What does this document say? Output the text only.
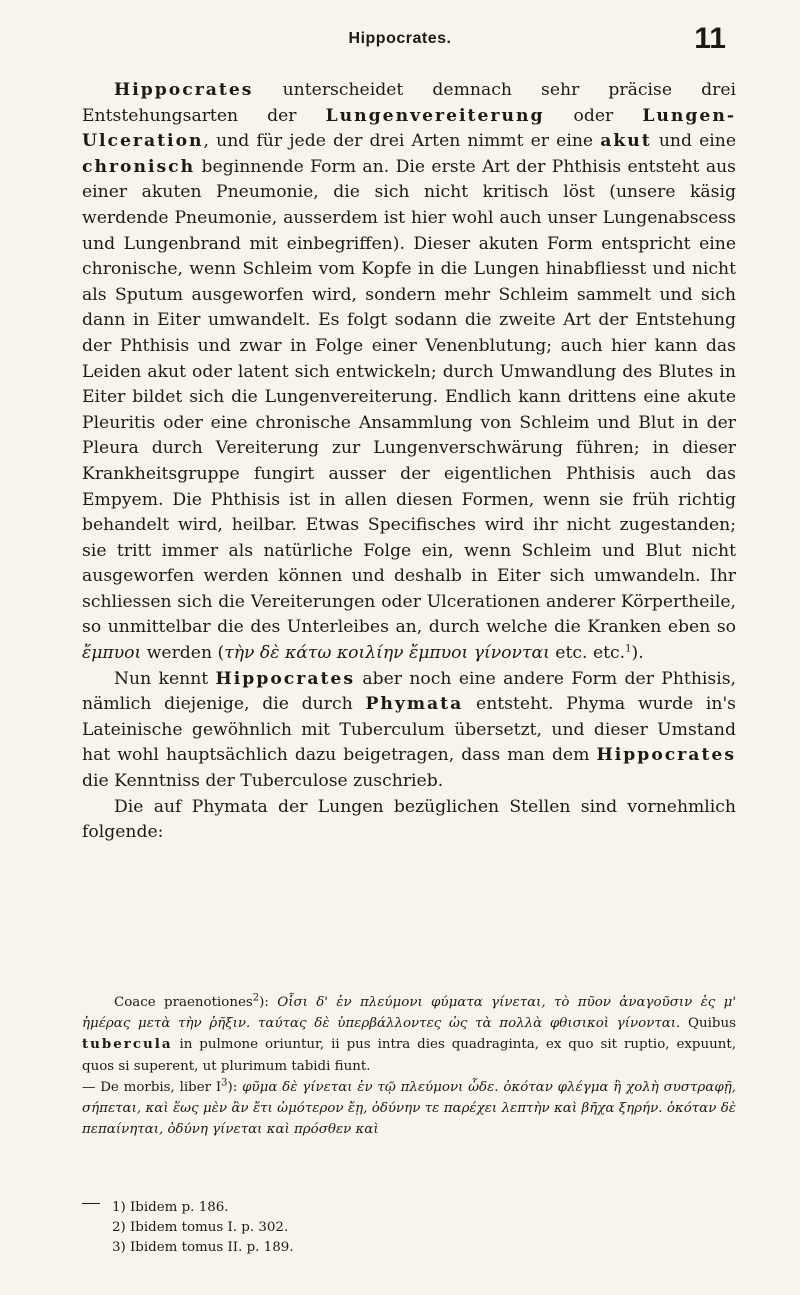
Hippocrates.	11

Hippocrates unterscheidet demnach sehr präcise drei Entstehungsarten der Lungenvereiterung oder Lungen-Ulceration, und für jede der drei Arten nimmt er eine akut und eine chronisch beginnende Form an. Die erste Art der Phthisis entsteht aus einer akuten Pneumonie, die sich nicht kritisch löst (unsere käsig werdende Pneumonie, ausserdem ist hier wohl auch unser Lungenabscess und Lungenbrand mit einbegriffen). Dieser akuten Form entspricht eine chronische, wenn Schleim vom Kopfe in die Lungen hinabfliesst und nicht als Sputum ausgeworfen wird, sondern mehr Schleim sammelt und sich dann in Eiter umwandelt. Es folgt sodann die zweite Art der Entstehung der Phthisis und zwar in Folge einer Venenblutung; auch hier kann das Leiden akut oder latent sich entwickeln; durch Umwandlung des Blutes in Eiter bildet sich die Lungenvereiterung. Endlich kann drittens eine akute Pleuritis oder eine chronische Ansammlung von Schleim und Blut in der Pleura durch Vereiterung zur Lungenverschwärung führen; in dieser Krankheitsgruppe fungirt ausser der eigentlichen Phthisis auch das Empyem. Die Phthisis ist in allen diesen Formen, wenn sie früh richtig behandelt wird, heilbar. Etwas Specifisches wird ihr nicht zugestanden; sie tritt immer als natürliche Folge ein, wenn Schleim und Blut nicht ausgeworfen werden können und deshalb in Eiter sich umwandeln. Ihr schliessen sich die Vereiterungen oder Ulcerationen anderer Körpertheile, so unmittelbar die des Unterleibes an, durch welche die Kranken eben so ἔμπυοι werden (τὴν δὲ κάτω κοιλίην ἔμπυοι γίνονται etc. etc.$^1$).

Nun kennt Hippocrates aber noch eine andere Form der Phthisis, nämlich diejenige, die durch Phymata entsteht. Phyma wurde in's Lateinische gewöhnlich mit Tuberculum übersetzt, und dieser Umstand hat wohl hauptsächlich dazu beigetragen, dass man dem Hippocrates die Kenntniss der Tuberculose zuschrieb.

Die auf Phymata der Lungen bezüglichen Stellen sind vornehmlich folgende:

Coace praenotiones$^2$): Οἷσι δ' ἐν πλεύμονι φύματα γίνεται, τὸ πῦον ἀναγοῦσιν ἐς μ' ἡμέρας μετὰ τὴν ῥῆξιν. ταύτας δὲ ὑπερβάλλοντες ὡς τὰ πολλὰ φθισικοὶ γίνονται. Quibus tubercula in pulmone oriuntur, ii pus intra dies quadraginta, ex quo sit ruptio, expuunt, quos si superent, ut plurimum tabidi fiunt.

— De morbis, liber $I^3$): φῦμα δὲ γίνεται ἐν τῷ πλεύμονι ὧδε. ὁκόταν φλέγμα ἢ χολὴ συστραφῇ, σήπεται, καὶ ἕως μὲν ἂν ἔτι ὠμότερον ἔῃ, ὀδύνην τε παρέχει λεπτὴν καὶ βῆχα ξηρήν. ὁκόταν δὲ πεπαίνηται, ὀδύνη γίνεται καὶ πρόσθεν καὶ

1) Ibidem p. 186.
2) Ibidem tomus I. p. 302.
3) Ibidem tomus II. p. 189.
